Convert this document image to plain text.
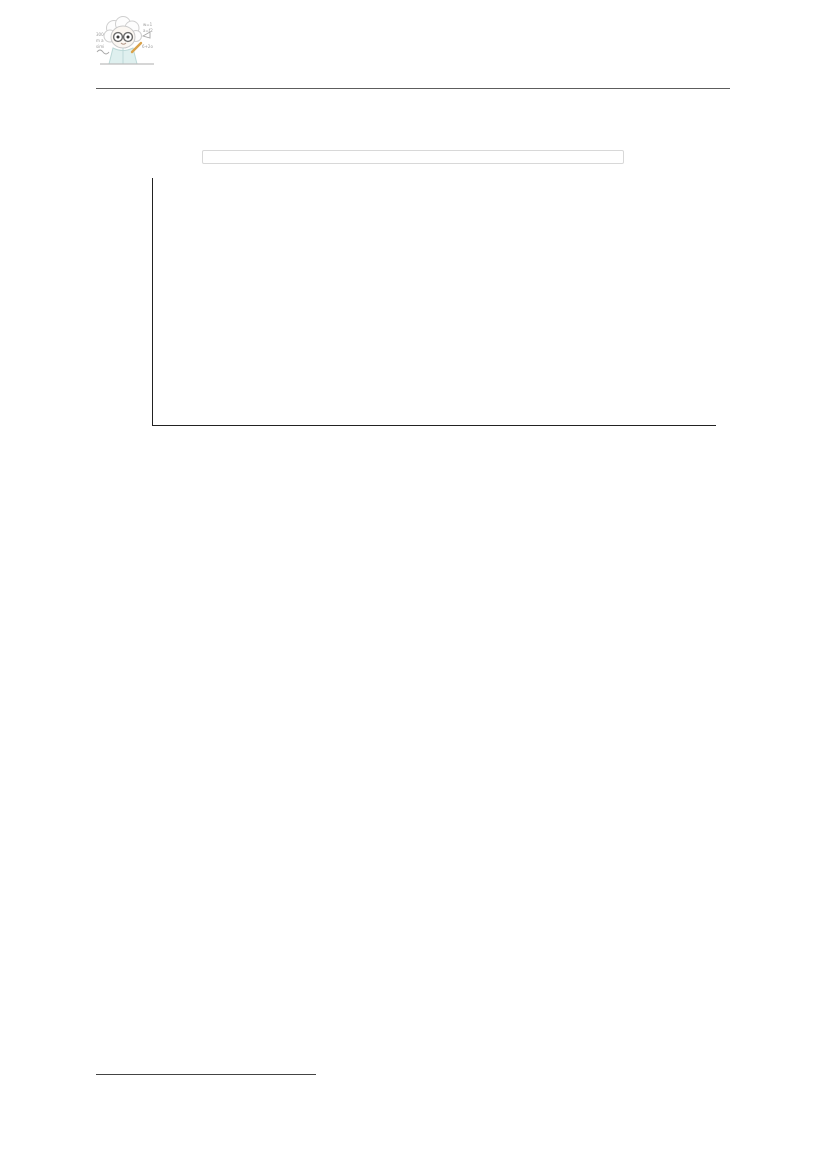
w=1
a=f2
300
m a
simi	6+2o
